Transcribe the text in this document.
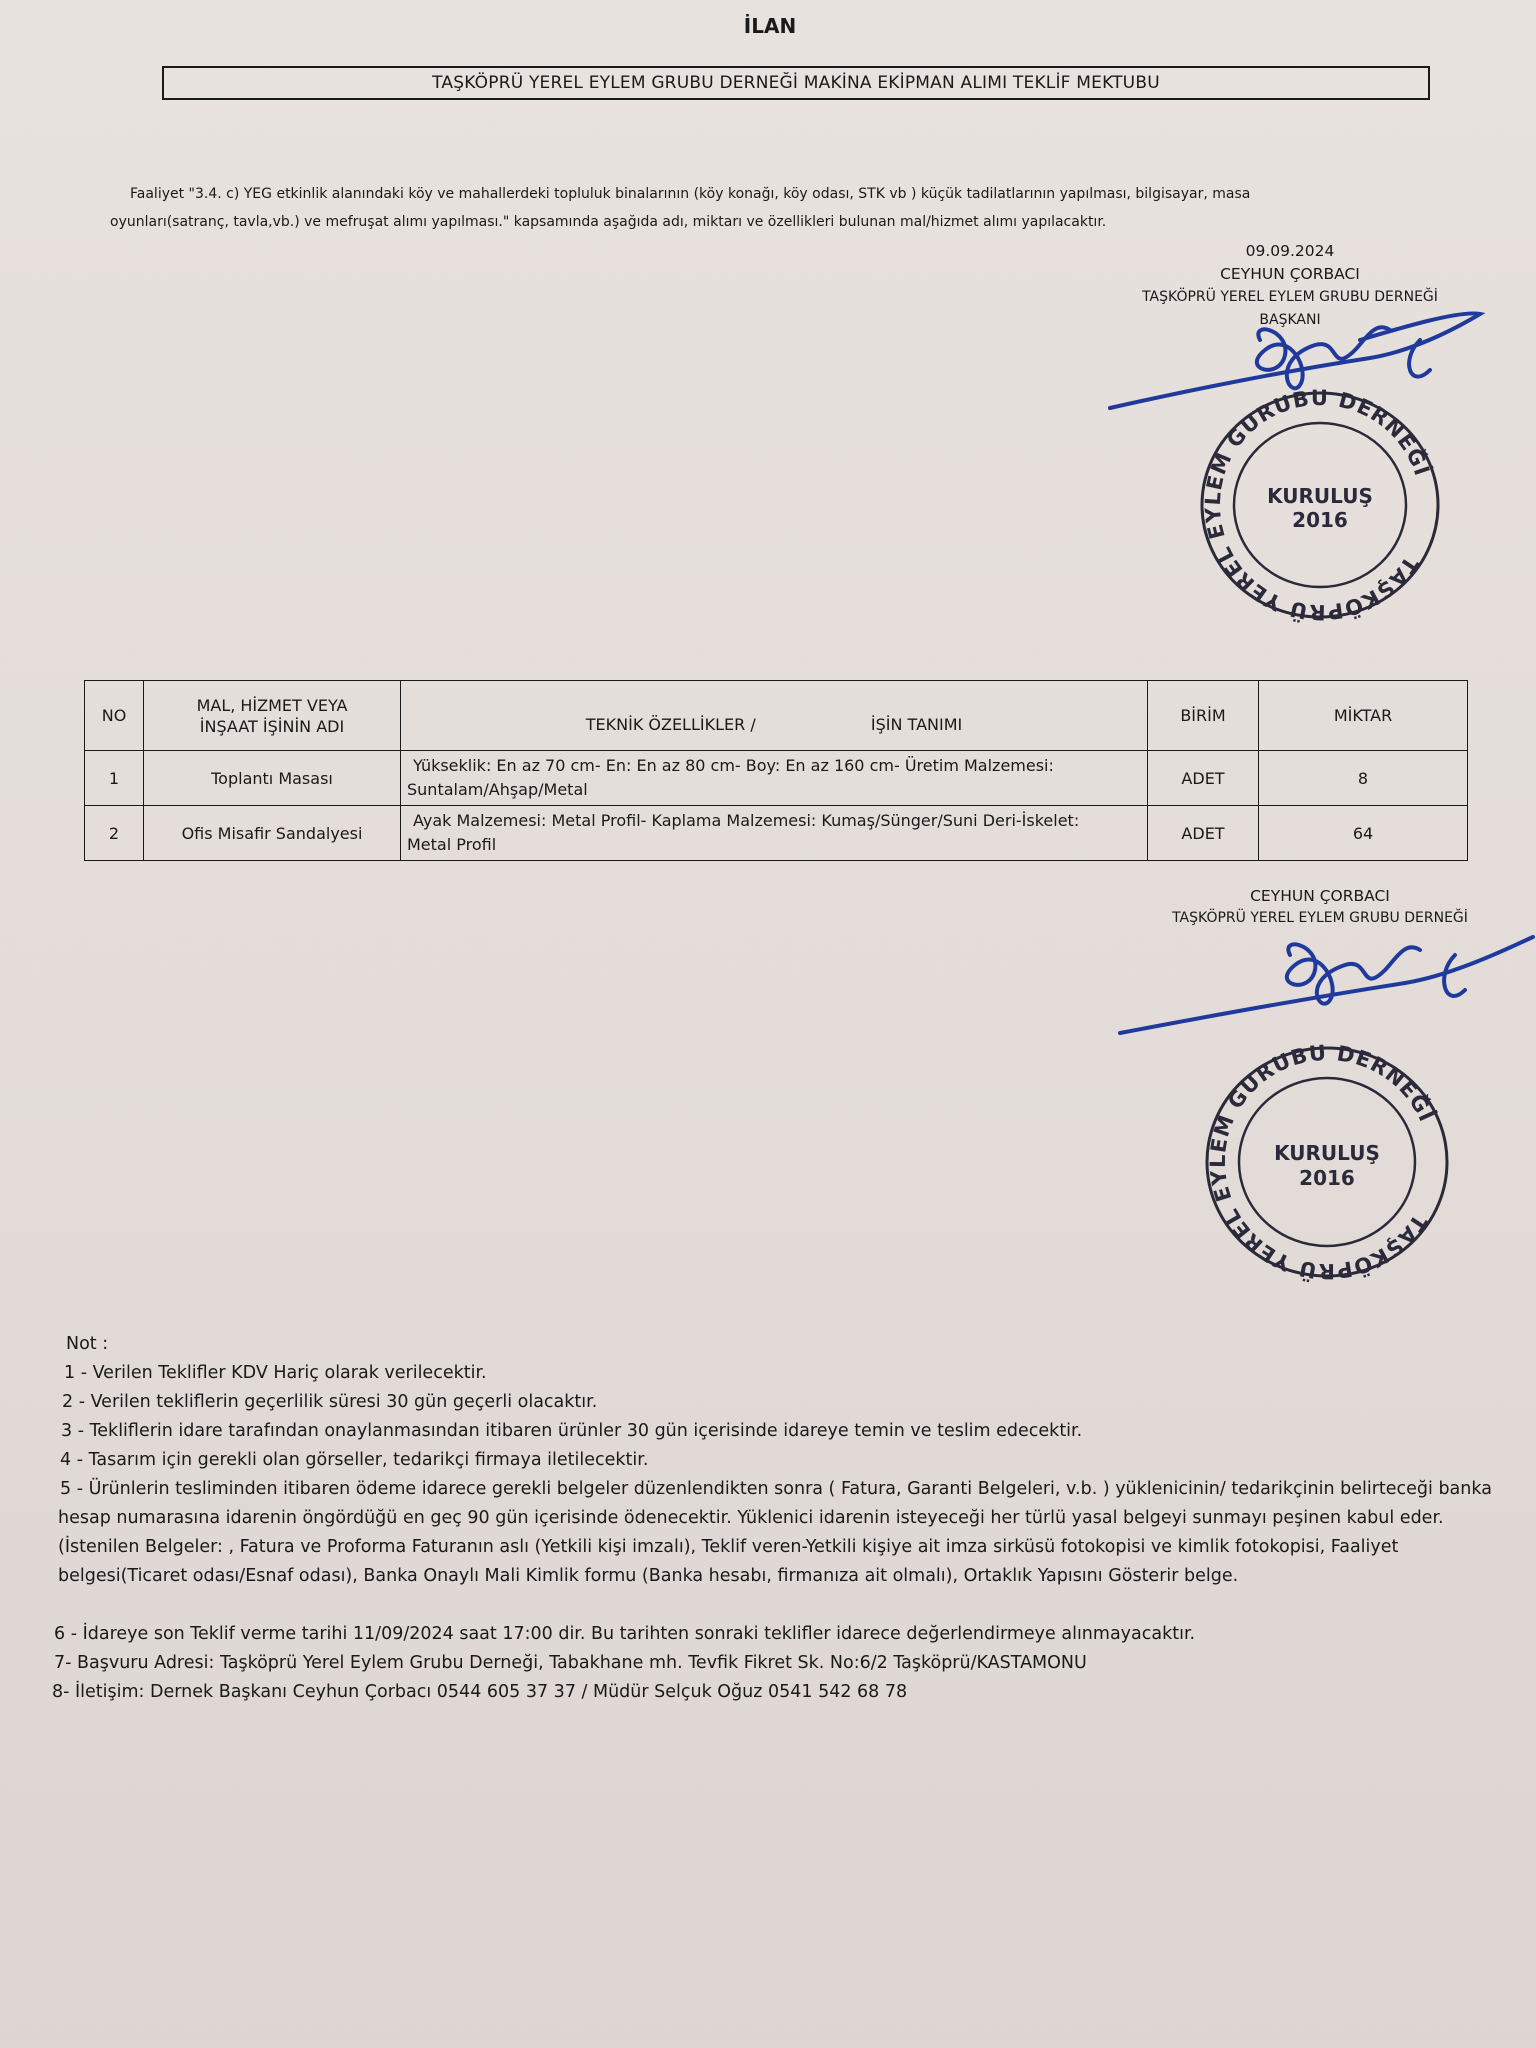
İLAN
TAŞKÖPRÜ YEREL EYLEM GRUBU DERNEĞİ MAKİNA EKİPMAN ALIMI TEKLİF MEKTUBU

Faaliyet "3.4. c) YEG etkinlik alanındaki köy ve mahallerdeki topluluk binalarının (köy konağı, köy odası, STK vb ) küçük tadilatlarının yapılması, bilgisayar, masa

oyunları(satranç, tavla,vb.) ve mefruşat alımı yapılması." kapsamında aşağıda adı, miktarı ve özellikleri bulunan mal/hizmet alımı yapılacaktır.

09.09.2024
CEYHUN ÇORBACI
TAŞKÖPRÜ YEREL EYLEM GRUBU DERNEĞİ
BAŞKANI
TAŞKÖPRÜ YEREL EYLEM GURUBU DERNEĞİ
KURULUŞ
2016
NO	MAL, HİZMET VEYA
İNŞAAT İŞİNİN ADI	TEKNİK ÖZELLİKLER / İŞİN TANIMI	BİRİM	MİKTAR
1	Toplantı Masası	Yükseklik: En az 70 cm- En: En az 80 cm- Boy: En az 160 cm- Üretim Malzemesi:
Suntalam/Ahşap/Metal	ADET	8
2	Ofis Misafir Sandalyesi	Ayak Malzemesi: Metal Profil- Kaplama Malzemesi: Kumaş/Sünger/Suni Deri-İskelet:
Metal Profil	ADET	64
CEYHUN ÇORBACI
TAŞKÖPRÜ YEREL EYLEM GRUBU DERNEĞİ
TAŞKÖPRÜ YEREL EYLEM GURUBU DERNEĞİ
KURULUŞ
2016

Not :

1 - Verilen Teklifler KDV Hariç olarak verilecektir.

2 - Verilen tekliflerin geçerlilik süresi 30 gün geçerli olacaktır.

3 - Tekliflerin idare tarafından onaylanmasından itibaren ürünler 30 gün içerisinde idareye temin ve teslim edecektir.

4 - Tasarım için gerekli olan görseller, tedarikçi firmaya iletilecektir.

5 - Ürünlerin tesliminden itibaren ödeme idarece gerekli belgeler düzenlendikten sonra ( Fatura, Garanti Belgeleri, v.b. ) yüklenicinin/ tedarikçinin belirteceği banka

hesap numarasına idarenin öngördüğü en geç 90 gün içerisinde ödenecektir. Yüklenici idarenin isteyeceği her türlü yasal belgeyi sunmayı peşinen kabul eder.

(İstenilen Belgeler: , Fatura ve Proforma Faturanın aslı (Yetkili kişi imzalı), Teklif veren-Yetkili kişiye ait imza sirküsü fotokopisi ve kimlik fotokopisi, Faaliyet

belgesi(Ticaret odası/Esnaf odası), Banka Onaylı Mali Kimlik formu (Banka hesabı, firmanıza ait olmalı), Ortaklık Yapısını Gösterir belge.

6 - İdareye son Teklif verme tarihi 11/09/2024 saat 17:00 dir. Bu tarihten sonraki teklifler idarece değerlendirmeye alınmayacaktır.

7- Başvuru Adresi: Taşköprü Yerel Eylem Grubu Derneği, Tabakhane mh. Tevfik Fikret Sk. No:6/2 Taşköprü/KASTAMONU

8- İletişim: Dernek Başkanı Ceyhun Çorbacı 0544 605 37 37 / Müdür Selçuk Oğuz 0541 542 68 78
